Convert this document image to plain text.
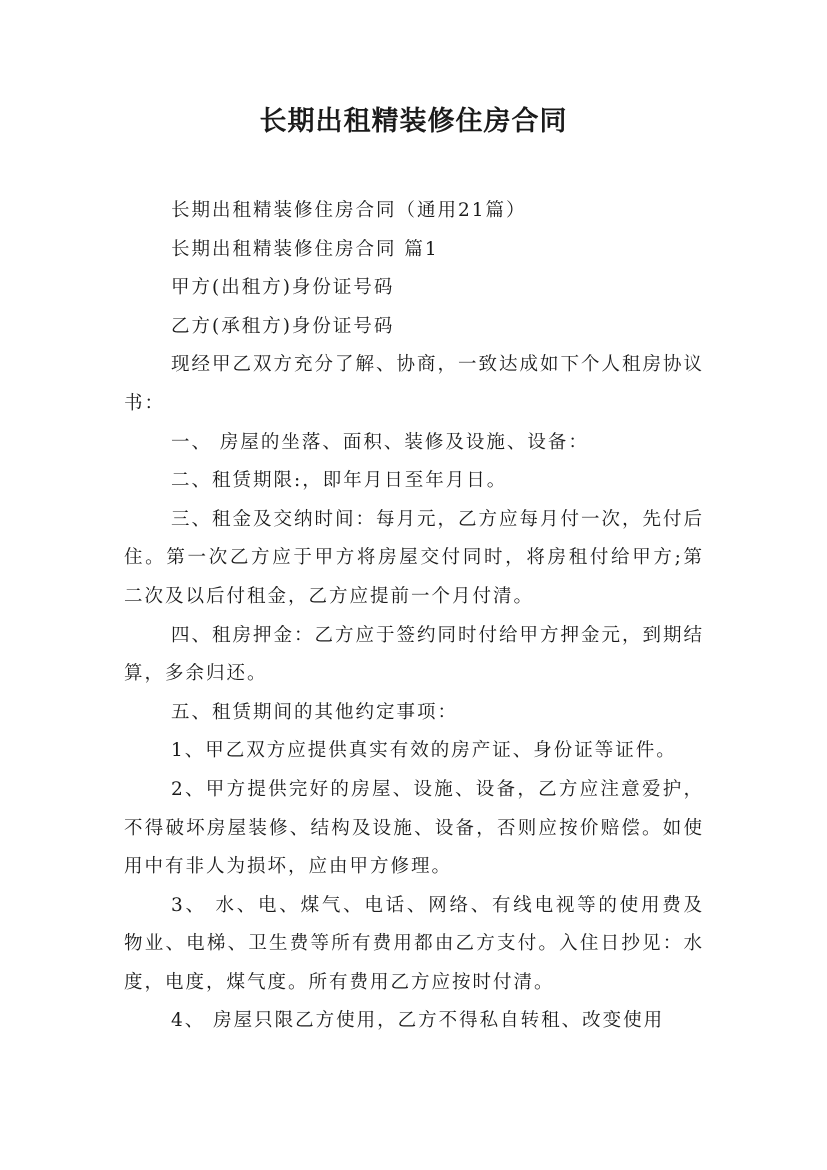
长期出租精装修住房合同

长期出租精装修住房合同（通用21篇）

长期出租精装修住房合同 篇1

甲方(出租方)身份证号码

乙方(承租方)身份证号码

现经甲乙双方充分了解、协商，一致达成如下个人租房协议书：

一、 房屋的坐落、面积、装修及设施、设备：

二、租赁期限:，即年月日至年月日。

三、租金及交纳时间：每月元，乙方应每月付一次，先付后住。第一次乙方应于甲方将房屋交付同时，将房租付给甲方;第二次及以后付租金，乙方应提前一个月付清。

四、租房押金：乙方应于签约同时付给甲方押金元，到期结算，多余归还。

五、租赁期间的其他约定事项：

1、甲乙双方应提供真实有效的房产证、身份证等证件。

2、甲方提供完好的房屋、设施、设备，乙方应注意爱护，不得破坏房屋装修、结构及设施、设备，否则应按价赔偿。如使用中有非人为损坏，应由甲方修理。

3、 水、电、煤气、电话、网络、有线电视等的使用费及物业、电梯、卫生费等所有费用都由乙方支付。入住日抄见：水度，电度，煤气度。所有费用乙方应按时付清。

4、 房屋只限乙方使用，乙方不得私自转租、改变使用
